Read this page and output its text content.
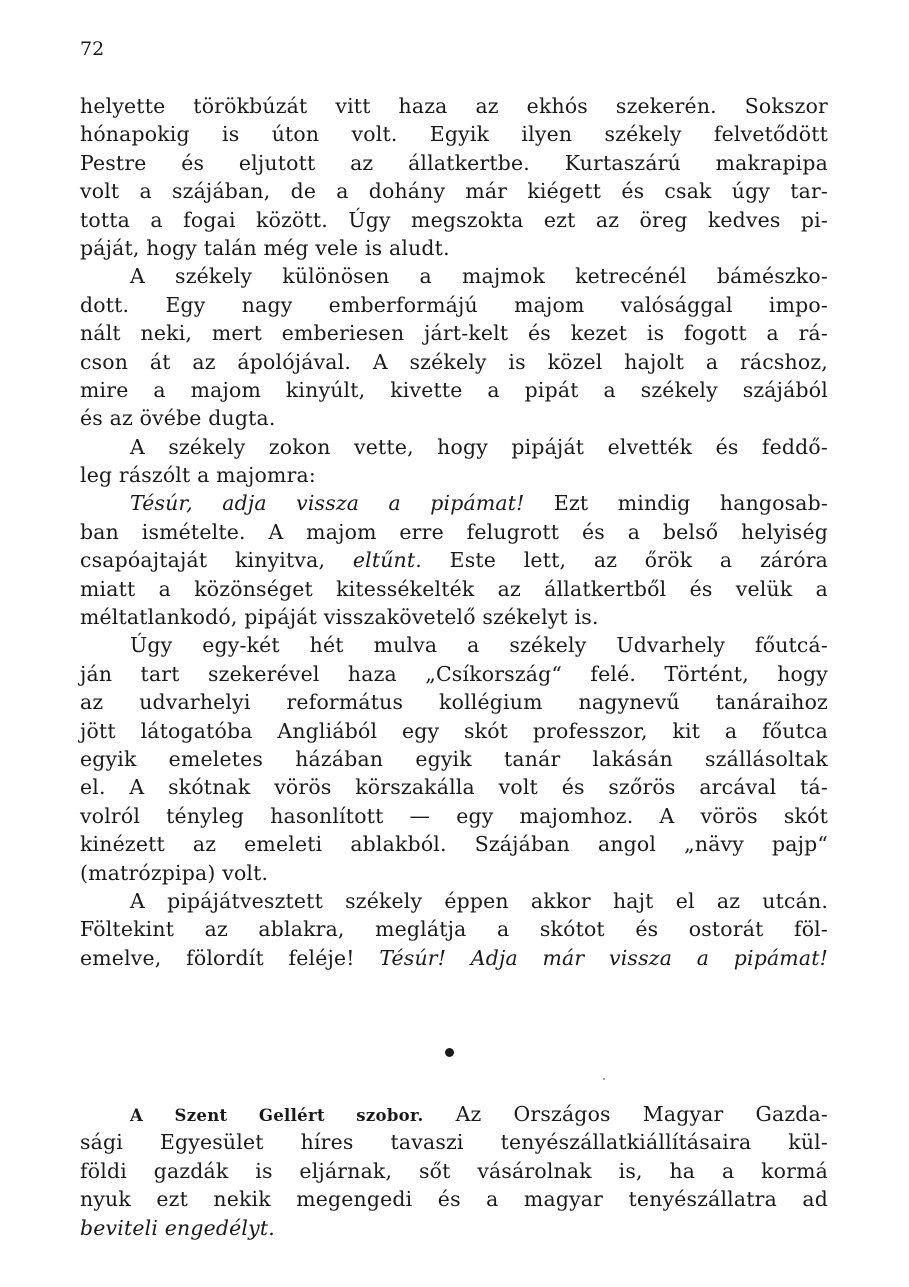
72
helyette törökbúzát vitt haza az ekhós szekerén. Sokszor
hónapokig is úton volt. Egyik ilyen székely felvetődött
Pestre és eljutott az állatkertbe. Kurtaszárú makrapipa
volt a szájában, de a dohány már kiégett és csak úgy tar-
totta a fogai között. Úgy megszokta ezt az öreg kedves pi-
páját, hogy talán még vele is aludt.
A székely különösen a majmok ketrecénél bámészko-
dott. Egy nagy emberformájú majom valósággal impo-
nált neki, mert emberiesen járt-kelt és kezet is fogott a rá-
cson át az ápolójával. A székely is közel hajolt a rácshoz,
mire a majom kinyúlt, kivette a pipát a székely szájából
és az övébe dugta.
A székely zokon vette, hogy pipáját elvették és feddő-
leg rászólt a majomra:
Tésúr, adja vissza a pipámat! Ezt mindig hangosab-
ban ismételte. A majom erre felugrott és a belső helyiség
csapóajtaját kinyitva, eltűnt. Este lett, az őrök a záróra
miatt a közönséget kitessékelték az állatkertből és velük a
méltatlankodó, pipáját visszakövetelő székelyt is.
Úgy egy-két hét mulva a székely Udvarhely főutcá-
ján tart szekerével haza „Csíkország“ felé. Történt, hogy
az udvarhelyi református kollégium nagynevű tanáraihoz
jött látogatóba Angliából egy skót professzor, kit a főutca
egyik emeletes házában egyik tanár lakásán szállásoltak
el. A skótnak vörös körszakálla volt és szőrös arcával tá-
volról tényleg hasonlított — egy majomhoz. A vörös skót
kinézett az emeleti ablakból. Szájában angol „nävy pajp“
(matrózpipa) volt.
A pipájátvesztett székely éppen akkor hajt el az utcán.
Föltekint az ablakra, meglátja a skótot és ostorát föl-
emelve, fölordít feléje! Tésúr! Adja már vissza a pipámat!
A Szent Gellért szobor. Az Országos Magyar Gazda-
sági Egyesület híres tavaszi tenyészállatkiállításaira kül-
földi gazdák is eljárnak, sőt vásárolnak is, ha a kormá
nyuk ezt nekik megengedi és a magyar tenyészállatra ad
beviteli engedélyt.
